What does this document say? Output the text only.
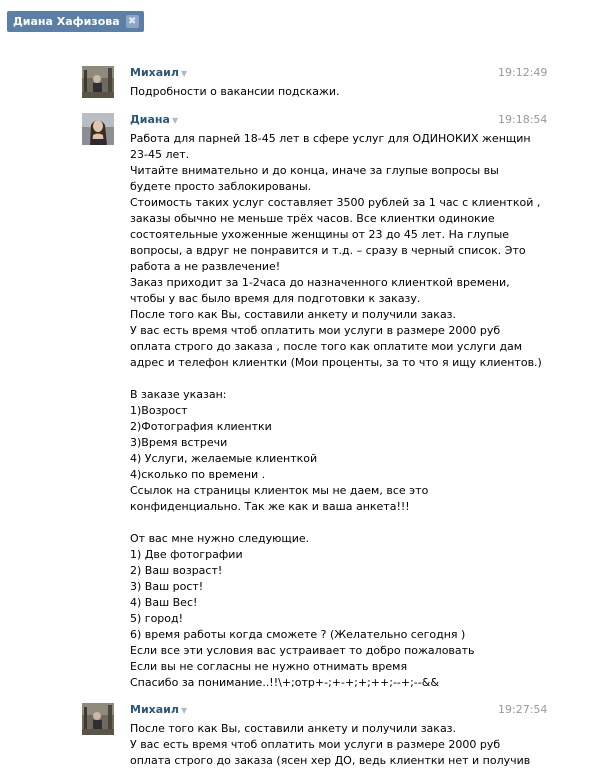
Диана Хафизова ✖
Михаил ▼	19:12:49
Подробности о вакансии подскажи.
Диана ▼	19:18:54
Работа для парней 18-45 лет в сфере услуг для ОДИНОКИХ женщин
23-45 лет.
Читайте внимательно и до конца, иначе за глупые вопросы вы
будете просто заблокированы.
Стоимость таких услуг составляет 3500 рублей за 1 час с клиенткой ,
заказы обычно не меньше трёх часов. Все клиентки одинокие
состоятельные ухоженные женщины от 23 до 45 лет. На глупые
вопросы, а вдруг не понравится и т.д. – сразу в черный список. Это
работа а не развлечение!
Заказ приходит за 1-2часа до назначенного клиенткой времени,
чтобы у вас было время для подготовки к заказу.
После того как Вы, составили анкету и получили заказ.
У вас есть время чтоб оплатить мои услуги в размере 2000 руб
оплата строго до заказа , после того как оплатите мои услуги дам
адрес и телефон клиентки (Мои проценты, за то что я ищу клиентов.)
В заказе указан:
1)Возрост
2)Фотография клиентки
3)Время встречи
4) Услуги, желаемые клиенткой
4)сколько по времени .
Ссылок на страницы клиенток мы не даем, все это
конфиденциально. Так же как и ваша анкета!!!
От вас мне нужно следующие.
1) Две фотографии
2) Ваш возраст!
3) Ваш рост!
4) Ваш Вес!
5) город!
6) время работы когда сможете ? (Желательно сегодня )
Если все эти условия вас устраивает то добро пожаловать
Если вы не согласны не нужно отнимать время
Спасибо за понимание..!!\+;отр+-;+-+;+;++;--+;--&&
Михаил ▼	19:27:54
После того как Вы, составили анкету и получили заказ.
У вас есть время чтоб оплатить мои услуги в размере 2000 руб
оплата строго до заказа (ясен хер ДО, ведь клиентки нет и получив
